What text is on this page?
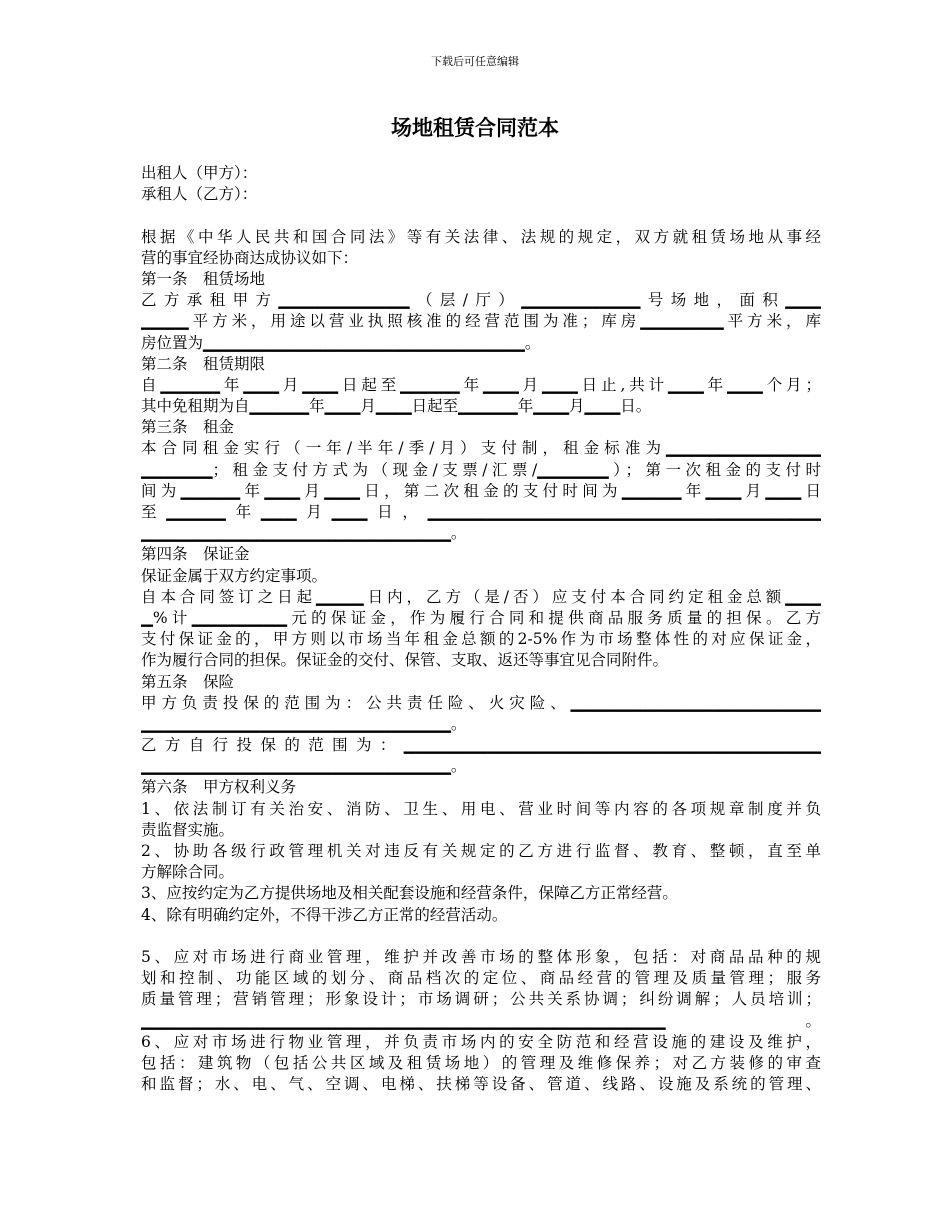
下载后可任意编辑
场地租赁合同范本
出租人（甲方）：
承租人（乙方）：
根据《中华人民共和国合同法》等有关法律、法规的规定，双方就租赁场地从事经
营的事宜经协商达成协议如下：
第一条　租赁场地
乙方承租甲方▁▁▁▁▁▁▁▁▁▁▁（层/厅）▁▁▁▁▁▁▁▁▁▁号场地，面积▁▁▁
▁▁▁▁平方米，用途以营业执照核准的经营范围为准；库房▁▁▁▁▁▁▁平方米，库
房位置为▁▁▁▁▁▁▁▁▁▁▁▁▁▁▁▁▁▁▁▁▁▁▁▁▁▁▁。
第二条　租赁期限
自▁▁▁▁▁年▁▁▁月▁▁▁日起至▁▁▁▁▁年▁▁▁月▁▁▁日止,共计▁▁▁年▁▁▁个月；
其中免租期为自▁▁▁▁▁年▁▁▁月▁▁▁日起至▁▁▁▁▁年▁▁▁月▁▁▁日。
第三条　租金
本合同租金实行（一年/半年/季/月）支付制，租金标准为▁▁▁▁▁▁▁▁▁▁▁▁▁
▁▁▁▁▁▁；租金支付方式为（现金/支票/汇票/▁▁▁▁▁▁）；第一次租金的支付时
间为▁▁▁▁▁年▁▁▁月▁▁▁日，第二次租金的支付时间为▁▁▁▁▁年▁▁▁月▁▁▁日
至▁▁▁▁▁年▁▁▁月▁▁▁日，▁▁▁▁▁▁▁▁▁▁▁▁▁▁▁▁▁▁▁▁▁▁▁▁▁▁▁▁▁▁▁▁▁
▁▁▁▁▁▁▁▁▁▁▁▁▁▁▁▁▁▁▁▁▁▁▁▁▁▁。
第四条　保证金
保证金属于双方约定事项。
自本合同签订之日起▁▁▁▁日内，乙方（是/否）应支付本合同约定租金总额▁▁▁
▁%计▁▁▁▁▁▁▁▁元的保证金，作为履行合同和提供商品服务质量的担保。乙方
支付保证金的，甲方则以市场当年租金总额的2-5%作为市场整体性的对应保证金，
作为履行合同的担保。保证金的交付、保管、支取、返还等事宜见合同附件。
第五条　保险
甲方负责投保的范围为：公共责任险、火灾险、▁▁▁▁▁▁▁▁▁▁▁▁▁▁▁▁▁▁▁▁▁
▁▁▁▁▁▁▁▁▁▁▁▁▁▁▁▁▁▁▁▁▁▁▁▁▁▁。
乙方自行投保的范围为：▁▁▁▁▁▁▁▁▁▁▁▁▁▁▁▁▁▁▁▁▁▁▁▁▁▁▁▁▁▁▁▁▁▁▁
▁▁▁▁▁▁▁▁▁▁▁▁▁▁▁▁▁▁▁▁▁▁▁▁▁▁。
第六条　甲方权利义务
1、依法制订有关治安、消防、卫生、用电、营业时间等内容的各项规章制度并负
责监督实施。
2、协助各级行政管理机关对违反有关规定的乙方进行监督、教育、整顿，直至单
方解除合同。
3、应按约定为乙方提供场地及相关配套设施和经营条件，保障乙方正常经营。
4、除有明确约定外，不得干涉乙方正常的经营活动。
5、应对市场进行商业管理，维护并改善市场的整体形象，包括：对商品品种的规
划和控制、功能区域的划分、商品档次的定位、商品经营的管理及质量管理；服务
质量管理；营销管理；形象设计；市场调研；公共关系协调；纠纷调解；人员培训；
▁▁▁▁▁▁▁▁▁▁▁▁▁▁▁▁▁▁▁▁▁▁▁▁▁▁▁▁▁▁▁▁▁▁▁▁▁▁▁▁▁▁▁▁。
6、应对市场进行物业管理，并负责市场内的安全防范和经营设施的建设及维护，
包括：建筑物（包括公共区域及租赁场地）的管理及维修保养；对乙方装修的审查
和监督；水、电、气、空调、电梯、扶梯等设备、管道、线路、设施及系统的管理、
